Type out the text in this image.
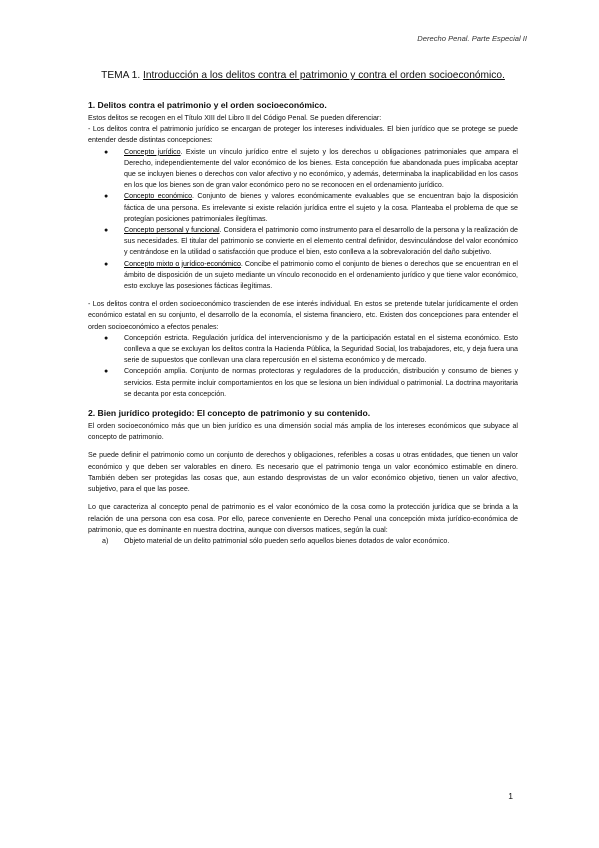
Derecho Penal. Parte Especial II
TEMA 1. Introducción a los delitos contra el patrimonio y contra el orden socioeconómico.
1. Delitos contra el patrimonio y el orden socioeconómico.

Estos delitos se recogen en el Título XIII del Libro II del Código Penal. Se pueden diferenciar:

- Los delitos contra el patrimonio jurídico se encargan de proteger los intereses individuales. El bien jurídico que se protege se puede entender desde distintas concepciones:

● Concepto jurídico. Existe un vínculo jurídico entre el sujeto y los derechos u obligaciones patrimoniales que ampara el Derecho, independientemente del valor económico de los bienes. Esta concepción fue abandonada pues implicaba aceptar que se incluyen bienes o derechos con valor afectivo y no económico, y además, determinaba la inaplicabilidad en los casos en los que los bienes son de gran valor económico pero no se reconocen en el ordenamiento jurídico.
● Concepto económico. Conjunto de bienes y valores económicamente evaluables que se encuentran bajo la disposición fáctica de una persona. Es irrelevante si existe relación jurídica entre el sujeto y la cosa. Planteaba el problema de que se protegían posiciones patrimoniales ilegítimas.
● Concepto personal y funcional. Considera el patrimonio como instrumento para el desarrollo de la persona y la realización de sus necesidades. El titular del patrimonio se convierte en el elemento central definidor, desvinculándose del valor económico y centrándose en la utilidad o satisfacción que produce el bien, esto conlleva a la sobrevaloración del daño subjetivo.
● Concepto mixto o jurídico-económico. Concibe el patrimonio como el conjunto de bienes o derechos que se encuentran en el ámbito de disposición de un sujeto mediante un vínculo reconocido en el ordenamiento jurídico y que tiene valor económico, esto excluye las posesiones fácticas ilegítimas.

- Los delitos contra el orden socioeconómico trascienden de ese interés individual. En estos se pretende tutelar jurídicamente el orden económico estatal en su conjunto, el desarrollo de la economía, el sistema financiero, etc. Existen dos concepciones para entender el orden socioeconómico a efectos penales:

● Concepción estricta. Regulación jurídica del intervencionismo y de la participación estatal en el sistema económico. Esto conlleva a que se excluyan los delitos contra la Hacienda Pública, la Seguridad Social, los trabajadores, etc, y deja fuera una serie de supuestos que conllevan una clara repercusión en el sistema económico y de mercado.
● Concepción amplia. Conjunto de normas protectoras y reguladores de la producción, distribución y consumo de bienes y servicios. Esta permite incluir comportamientos en los que se lesiona un bien individual o patrimonial. La doctrina mayoritaria se decanta por esta concepción.
2. Bien jurídico protegido: El concepto de patrimonio y su contenido.

El orden socioeconómico más que un bien jurídico es una dimensión social más amplia de los intereses económicos que subyace al concepto de patrimonio.

Se puede definir el patrimonio como un conjunto de derechos y obligaciones, referibles a cosas u otras entidades, que tienen un valor económico y que deben ser valorables en dinero. Es necesario que el patrimonio tenga un valor económico estimable en dinero. También deben ser protegidas las cosas que, aun estando desprovistas de un valor económico objetivo, tienen un valor afectivo, subjetivo, para el que las posee.

Lo que caracteriza al concepto penal de patrimonio es el valor económico de la cosa como la protección jurídica que se brinda a la relación de una persona con esa cosa. Por ello, parece conveniente en Derecho Penal una concepción mixta jurídico-económica de patrimonio, que es dominante en nuestra doctrina, aunque con diversos matices, según la cual:

a) Objeto material de un delito patrimonial sólo pueden serlo aquellos bienes dotados de valor económico.
1
